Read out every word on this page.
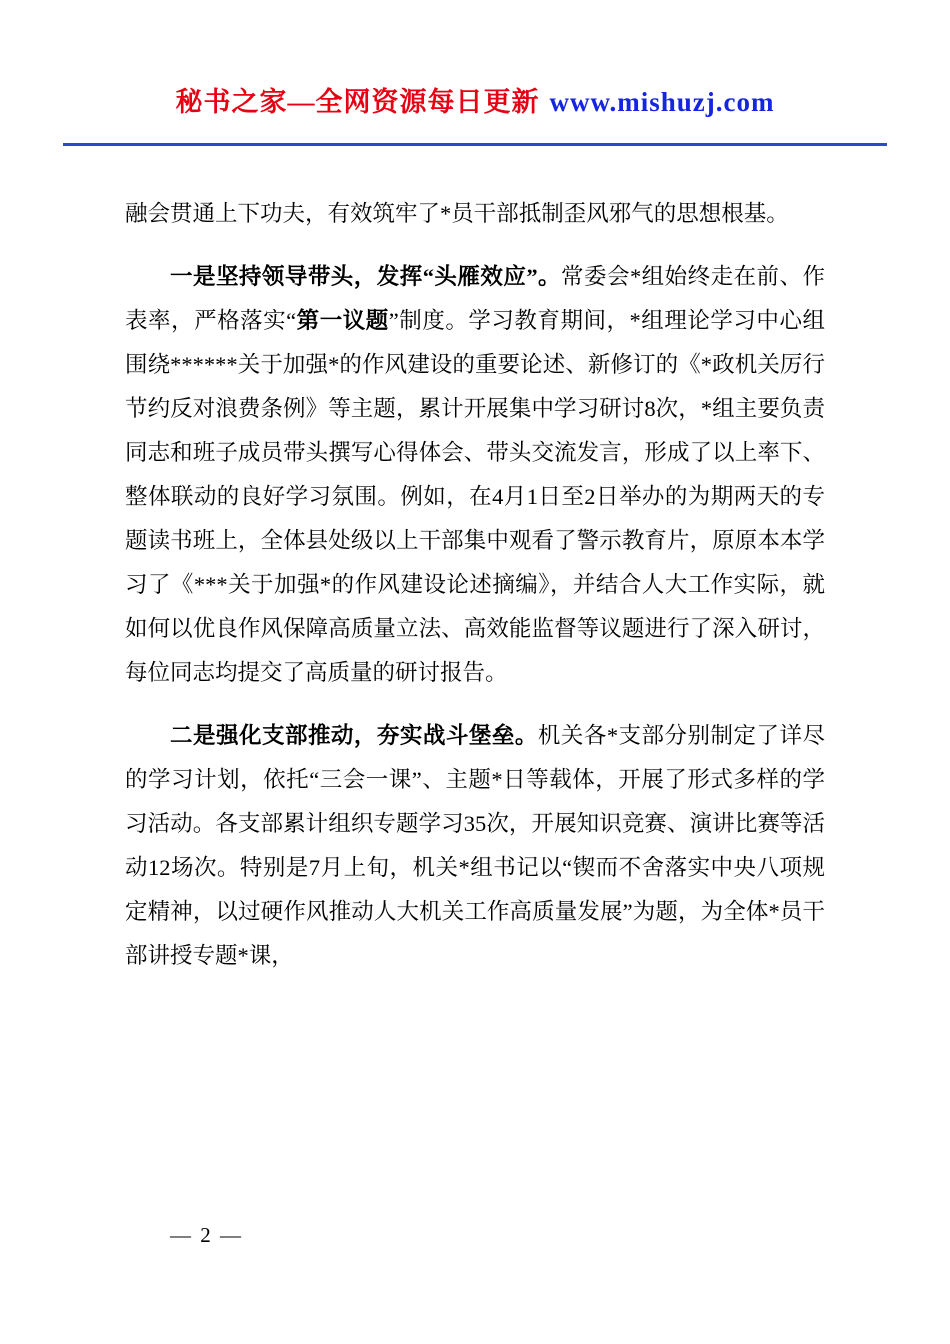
秘书之家—全网资源每日更新 www.mishuzj.com

融会贯通上下功夫，有效筑牢了*员干部抵制歪风邪气的思想根基。

一是坚持领导带头，发挥“头雁效应”。常委会*组始终走在前、作表率，严格落实“第一议题”制度。学习教育期间，*组理论学习中心组围绕******关于加强*的作风建设的重要论述、新修订的《*政机关厉行节约反对浪费条例》等主题，累计开展集中学习研讨8次，*组主要负责同志和班子成员带头撰写心得体会、带头交流发言，形成了以上率下、整体联动的良好学习氛围。例如，在4月1日至2日举办的为期两天的专题读书班上，全体县处级以上干部集中观看了警示教育片，原原本本学习了《***关于加强*的作风建设论述摘编》，并结合人大工作实际，就如何以优良作风保障高质量立法、高效能监督等议题进行了深入研讨，每位同志均提交了高质量的研讨报告。

二是强化支部推动，夯实战斗堡垒。机关各*支部分别制定了详尽的学习计划，依托“三会一课”、主题*日等载体，开展了形式多样的学习活动。各支部累计组织专题学习35次，开展知识竞赛、演讲比赛等活动12场次。特别是7月上旬，机关*组书记以“锲而不舍落实中央八项规定精神，以过硬作风推动人大机关工作高质量发展”为题，为全体*员干部讲授专题*课，

— 2 —
